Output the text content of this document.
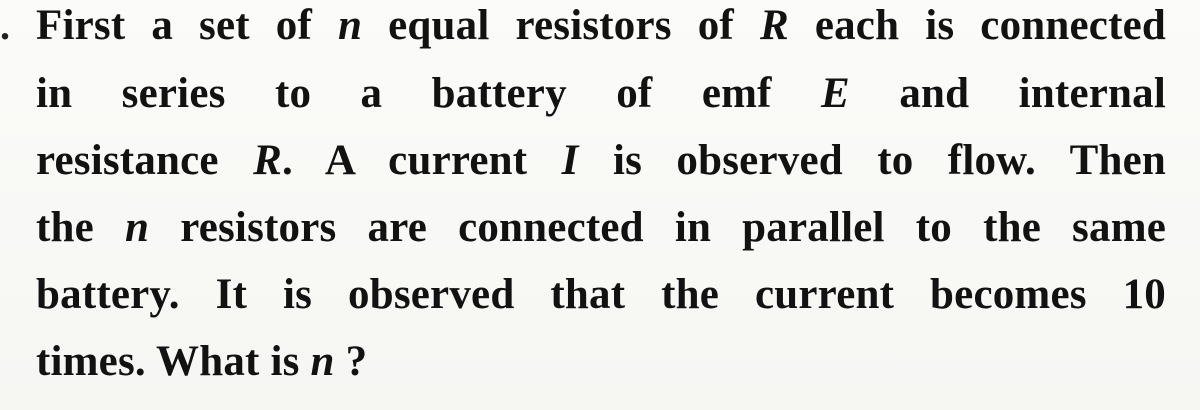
. First a set of n equal resistors of R each is connected
in series to a battery of emf E and internal
resistance R. A current I is observed to flow. Then
the n resistors are connected in parallel to the same
battery. It is observed that the current becomes 10
times. What is n ?
